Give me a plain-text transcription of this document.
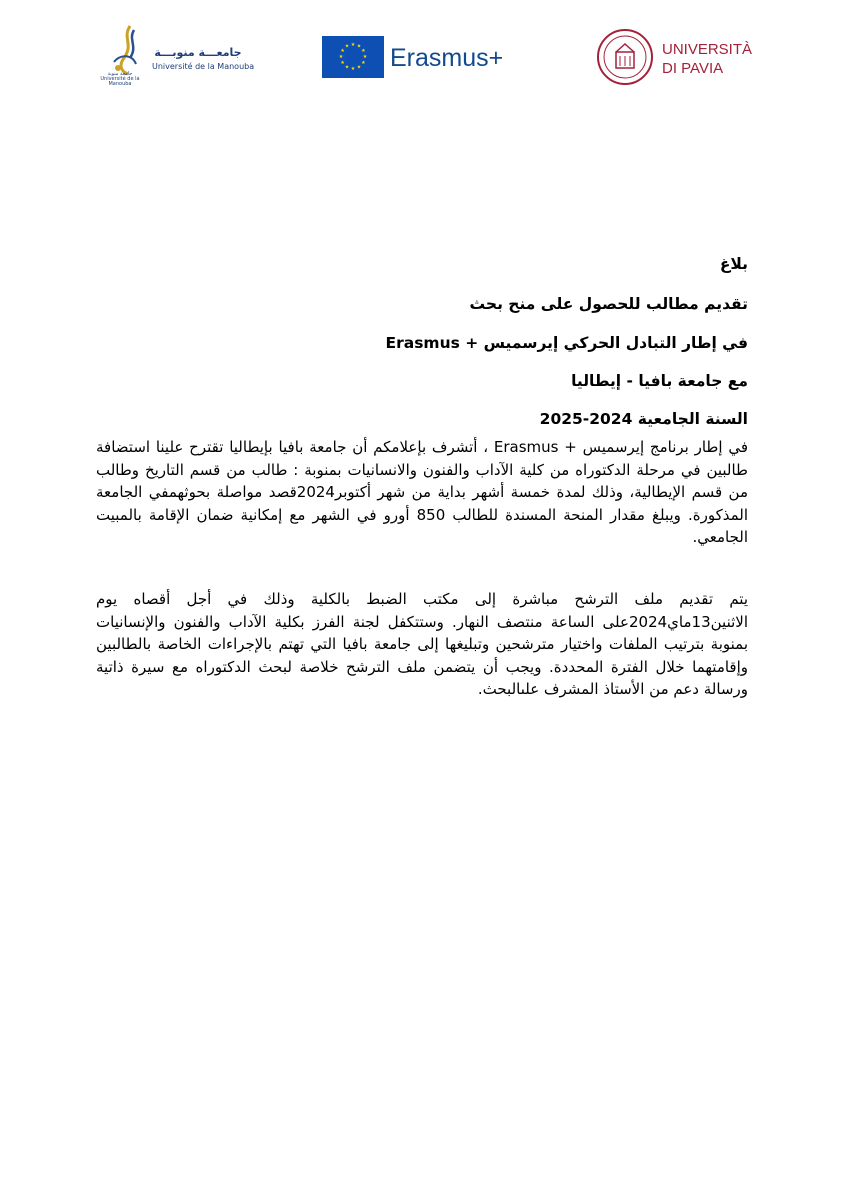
جامعة منوبة Université de la Manouba
جامعـــة منوبـــة
Université de la Manouba
★ ★
★
★
★
★
★
★
★
★
★
★ Erasmus+	UNIVERSITÀ
DI PAVIA
بلاغ
تقديم مطالب للحصول على منح بحث
في إطار التبادل الحركي إيرسميس + Erasmus
مع جامعة بافيا - إيطاليا
السنة الجامعية 2024-2025

في إطار برنامج إيرسميس + Erasmus ، أتشرف بإعلامكم أن جامعة بافيا بإيطاليا تقترح علينا استضافة طالبين في مرحلة الدكتوراه من كلية الآداب والفنون والانسانيات بمنوبة : طالب من قسم التاريخ وطالب من قسم الإيطالية، وذلك لمدة خمسة أشهر بداية من شهر أكتوبر2024قصد مواصلة بحوثهمفي الجامعة المذكورة. ويبلغ مقدار المنحة المسندة للطالب 850 أورو في الشهر مع إمكانية ضمان الإقامة بالمبيت الجامعي.

يتم تقديم ملف الترشح مباشرة إلى مكتب الضبط بالكلية وذلك في أجل أقصاه يوم الاثنين13ماي2024على الساعة منتصف النهار. وستتكفل لجنة الفرز بكلية الآداب والفنون والإنسانيات بمنوبة بترتيب الملفات واختيار مترشحين وتبليغها إلى جامعة بافيا التي تهتم بالإجراءات الخاصة بالطالبين وإقامتهما خلال الفترة المحددة. ويجب أن يتضمن ملف الترشح خلاصة لبحث الدكتوراه مع سيرة ذاتية ورسالة دعم من الأستاذ المشرف علىالبحث.
